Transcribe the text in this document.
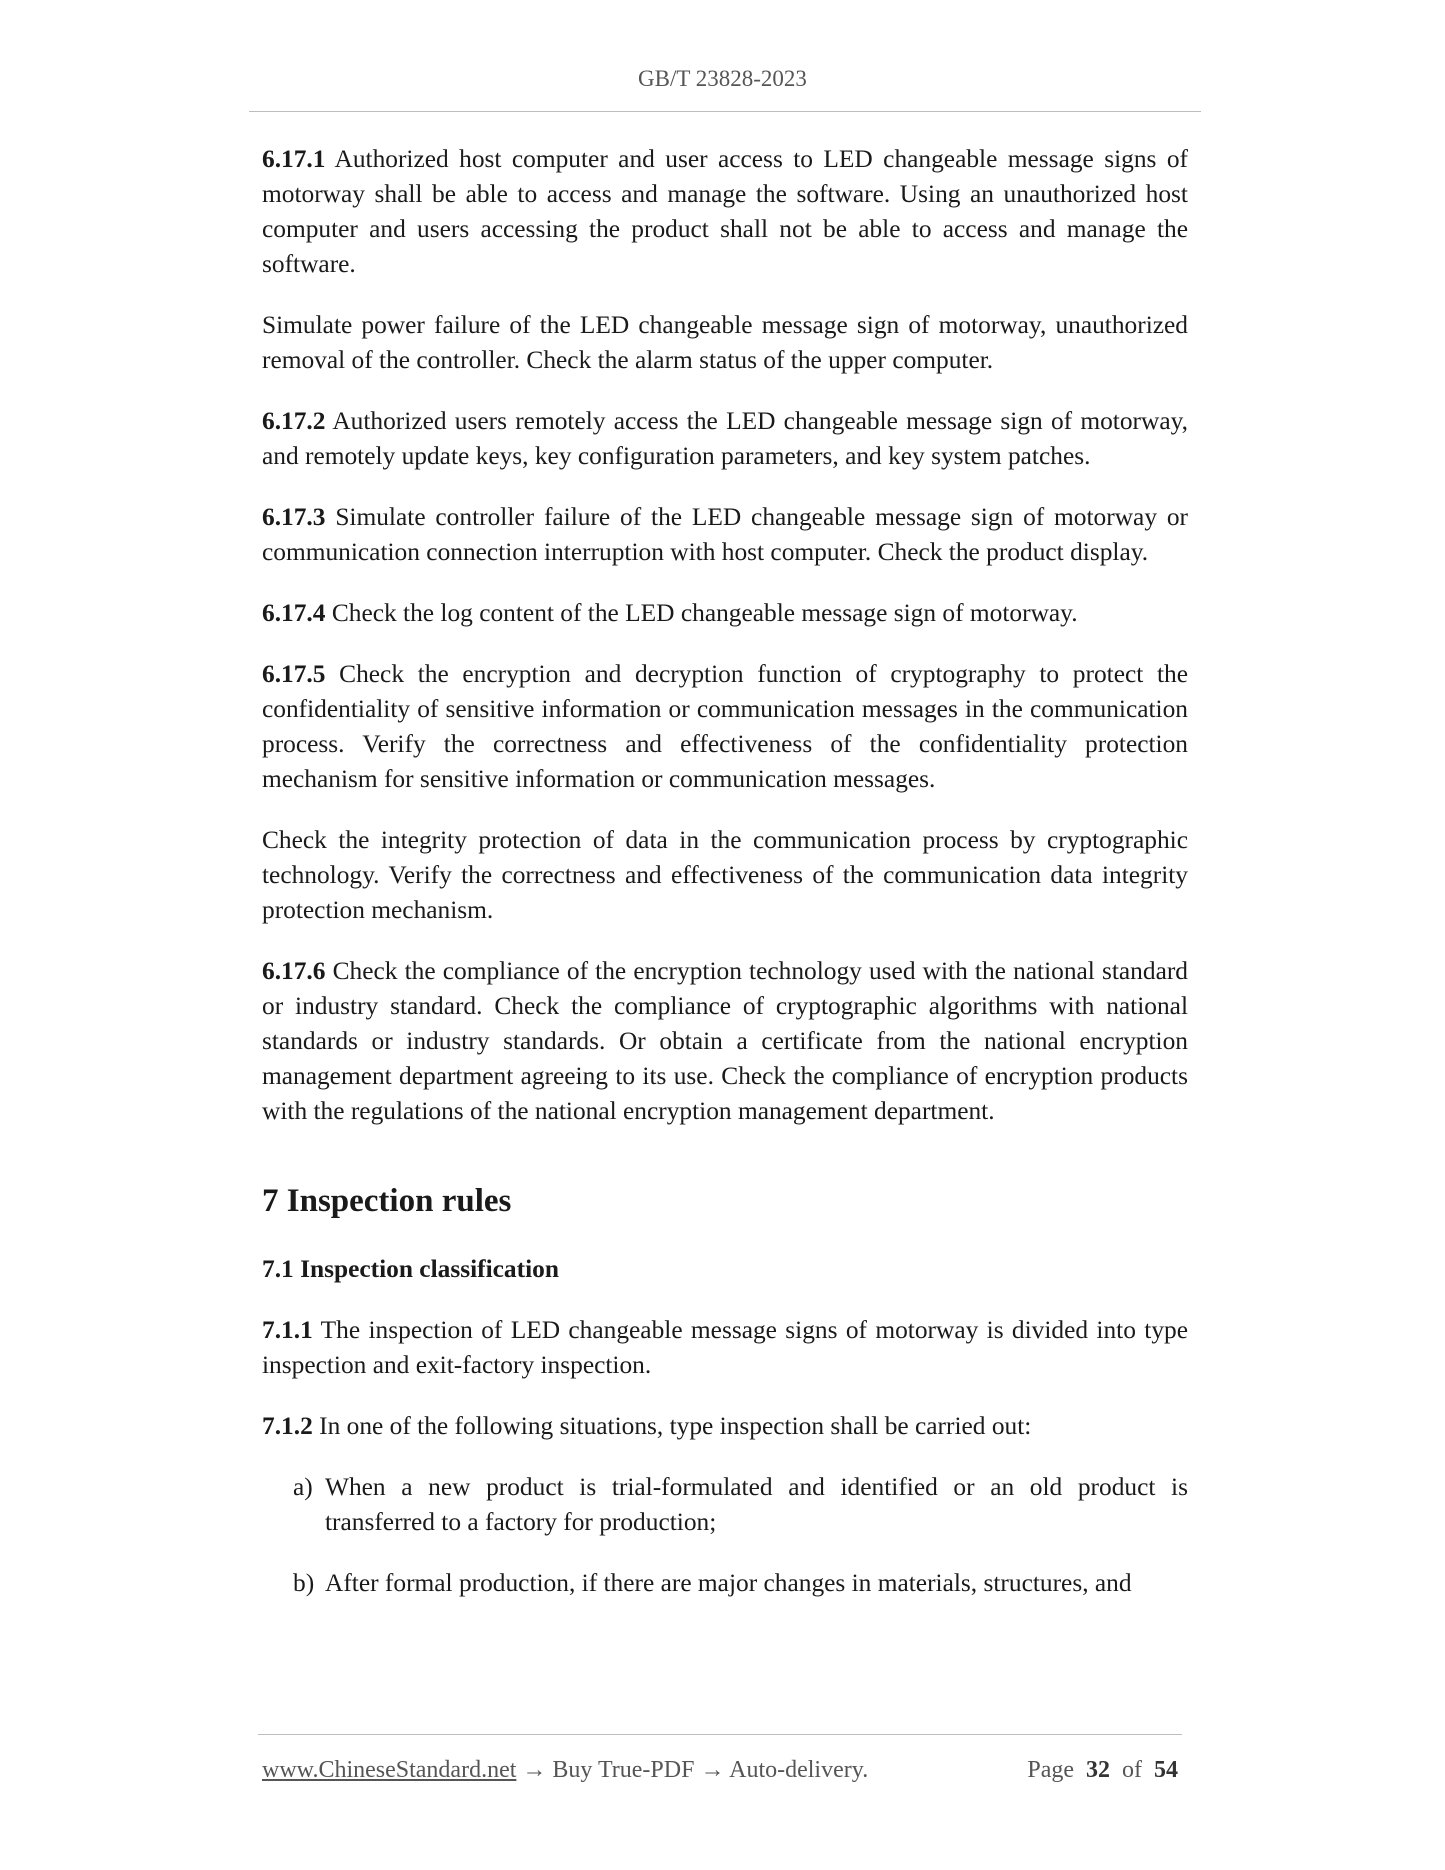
GB/T 23828-2023
6.17.1 Authorized host computer and user access to LED changeable message signs of motorway shall be able to access and manage the software. Using an unauthorized host computer and users accessing the product shall not be able to access and manage the software.
Simulate power failure of the LED changeable message sign of motorway, unauthorized removal of the controller. Check the alarm status of the upper computer.
6.17.2 Authorized users remotely access the LED changeable message sign of motorway, and remotely update keys, key configuration parameters, and key system patches.
6.17.3 Simulate controller failure of the LED changeable message sign of motorway or communication connection interruption with host computer. Check the product display.
6.17.4 Check the log content of the LED changeable message sign of motorway.
6.17.5 Check the encryption and decryption function of cryptography to protect the confidentiality of sensitive information or communication messages in the communication process. Verify the correctness and effectiveness of the confidentiality protection mechanism for sensitive information or communication messages.
Check the integrity protection of data in the communication process by cryptographic technology. Verify the correctness and effectiveness of the communication data integrity protection mechanism.
6.17.6 Check the compliance of the encryption technology used with the national standard or industry standard. Check the compliance of cryptographic algorithms with national standards or industry standards. Or obtain a certificate from the national encryption management department agreeing to its use. Check the compliance of encryption products with the regulations of the national encryption management department.
7 Inspection rules
7.1 Inspection classification
7.1.1 The inspection of LED changeable message signs of motorway is divided into type inspection and exit-factory inspection.
7.1.2 In one of the following situations, type inspection shall be carried out:
a) When a new product is trial-formulated and identified or an old product is transferred to a factory for production;
b) After formal production, if there are major changes in materials, structures, and
www.ChineseStandard.net → Buy True-PDF → Auto-delivery.	Page 32 of 54
